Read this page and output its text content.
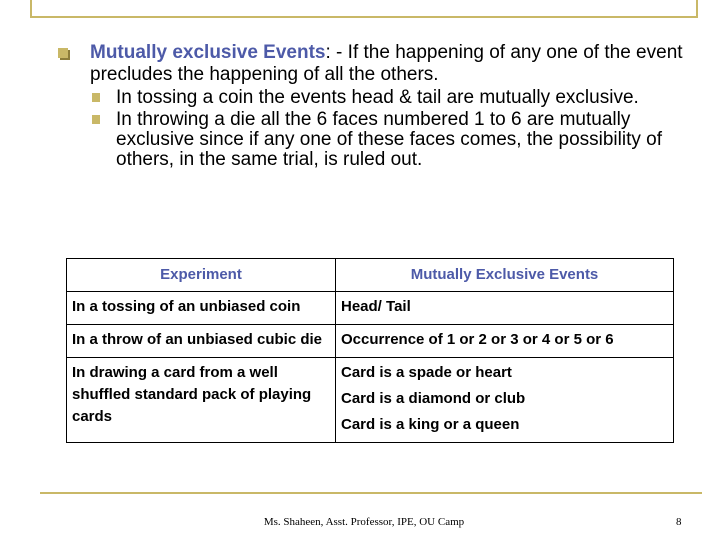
Mutually exclusive Events: - If the happening of any one of the event precludes the happening of all the others.
In tossing a coin the events head & tail are mutually exclusive.
In throwing a die all the 6 faces numbered 1 to 6 are mutually exclusive since if any one of these faces comes, the possibility of others, in the same trial, is ruled out.
Experiment	Mutually Exclusive Events
In a tossing of an unbiased coin	Head/ Tail

In a throw of an unbiased cubic die	Occurrence of 1 or 2 or 3 or 4 or 5 or 6

In drawing a card from a well shuffled standard pack of playing cards	Card is a spade or heart
Card is a diamond or club
Card is a king or a queen
Ms. Shaheen, Asst. Professor, IPE, OU Camp	8
